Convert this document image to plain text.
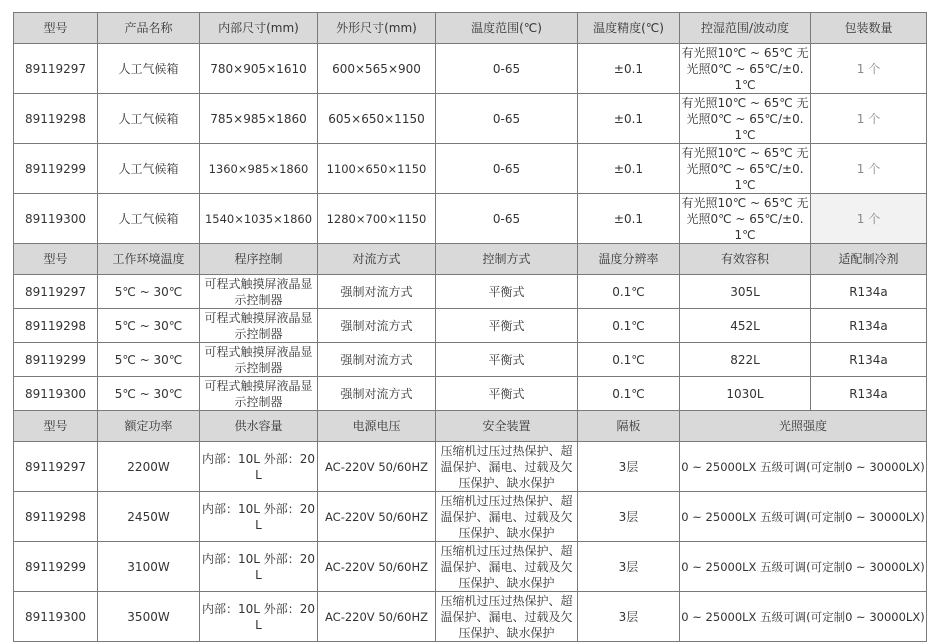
型号	产品名称	内部尺寸(mm)	外形尺寸(mm)	温度范围(℃)	温度精度(℃)	控湿范围/波动度	包装数量
89119297	人工气候箱	780×905×1610	600×565×900	0-65	±0.1	有光照10℃ ~ 65℃ 无光照0℃ ~ 65℃/±0.1℃	1 个
89119298	人工气候箱	785×985×1860	605×650×1150	0-65	±0.1	有光照10℃ ~ 65℃ 无光照0℃ ~ 65℃/±0.1℃	1 个
89119299	人工气候箱	1360×985×1860	1100×650×1150	0-65	±0.1	有光照10℃ ~ 65℃ 无光照0℃ ~ 65℃/±0.1℃	1 个
89119300	人工气候箱	1540×1035×1860	1280×700×1150	0-65	±0.1	有光照10℃ ~ 65℃ 无光照0℃ ~ 65℃/±0.1℃	1 个
型号	工作环境温度	程序控制	对流方式	控制方式	温度分辨率	有效容积	适配制冷剂
89119297	5℃ ~ 30℃	可程式触摸屏液晶显示控制器	强制对流方式	平衡式	0.1℃	305L	R134a
89119298	5℃ ~ 30℃	可程式触摸屏液晶显示控制器	强制对流方式	平衡式	0.1℃	452L	R134a
89119299	5℃ ~ 30℃	可程式触摸屏液晶显示控制器	强制对流方式	平衡式	0.1℃	822L	R134a
89119300	5℃ ~ 30℃	可程式触摸屏液晶显示控制器	强制对流方式	平衡式	0.1℃	1030L	R134a
型号	额定功率	供水容量	电源电压	安全装置	隔板	光照强度	
89119297	2200W	内部：10L 外部：20L	AC-220V 50/60HZ	压缩机过压过热保护、超温保护、漏电、过载及欠压保护、缺水保护	3层	0 ~ 25000LX 五级可调(可定制0 ~ 30000LX)	
89119298	2450W	内部：10L 外部：20L	AC-220V 50/60HZ	压缩机过压过热保护、超温保护、漏电、过载及欠压保护、缺水保护	3层	0 ~ 25000LX 五级可调(可定制0 ~ 30000LX)	
89119299	3100W	内部：10L 外部：20L	AC-220V 50/60HZ	压缩机过压过热保护、超温保护、漏电、过载及欠压保护、缺水保护	3层	0 ~ 25000LX 五级可调(可定制0 ~ 30000LX)	
89119300	3500W	内部：10L 外部：20L	AC-220V 50/60HZ	压缩机过压过热保护、超温保护、漏电、过载及欠压保护、缺水保护	3层	0 ~ 25000LX 五级可调(可定制0 ~ 30000LX)	
